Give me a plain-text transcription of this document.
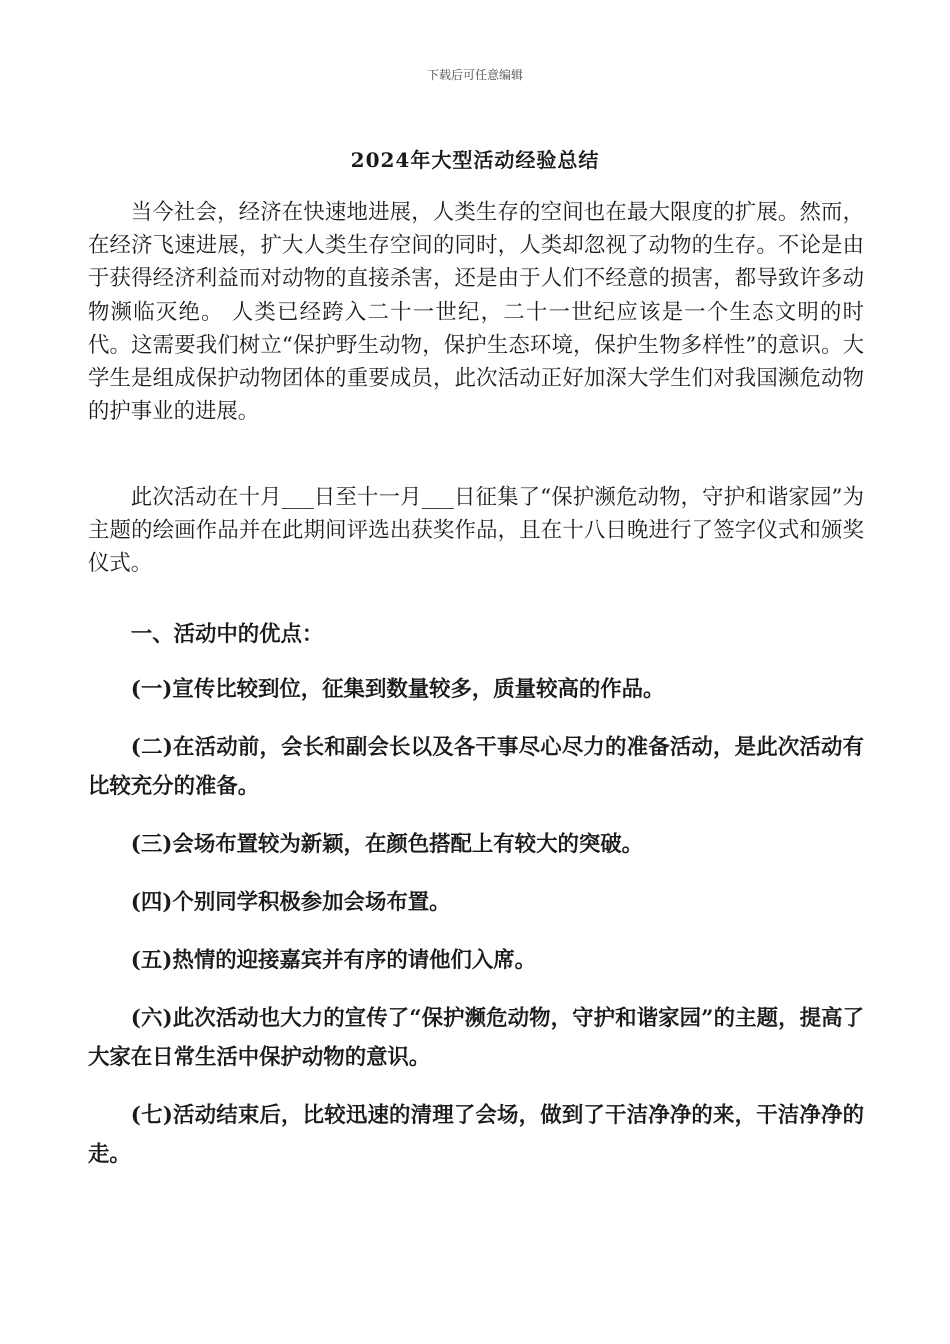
下载后可任意编辑
2024年大型活动经验总结

当今社会，经济在快速地进展，人类生存的空间也在最大限度的扩展。然而，在经济飞速进展，扩大人类生存空间的同时，人类却忽视了动物的生存。不论是由于获得经济利益而对动物的直接杀害，还是由于人们不经意的损害，都导致许多动物濒临灭绝。 人类已经跨入二十一世纪，二十一世纪应该是一个生态文明的时代。这需要我们树立“保护野生动物，保护生态环境，保护生物多样性”的意识。大学生是组成保护动物团体的重要成员，此次活动正好加深大学生们对我国濒危动物的护事业的进展。

此次活动在十月___日至十一月___日征集了“保护濒危动物，守护和谐家园”为主题的绘画作品并在此期间评选出获奖作品，且在十八日晚进行了签字仪式和颁奖仪式。

一、活动中的优点：

(一)宣传比较到位，征集到数量较多，质量较高的作品。

(二)在活动前，会长和副会长以及各干事尽心尽力的准备活动，是此次活动有比较充分的准备。

(三)会场布置较为新颖，在颜色搭配上有较大的突破。

(四)个别同学积极参加会场布置。

(五)热情的迎接嘉宾并有序的请他们入席。

(六)此次活动也大力的宣传了“保护濒危动物，守护和谐家园”的主题，提高了大家在日常生活中保护动物的意识。

(七)活动结束后，比较迅速的清理了会场，做到了干洁净净的来，干洁净净的走。
